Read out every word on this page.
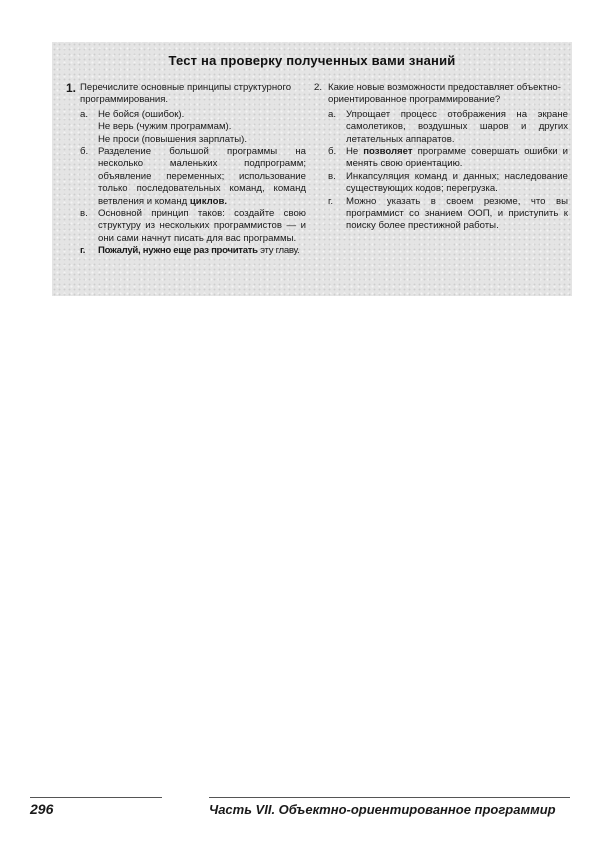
Тест на проверку полученных вами знаний
1. Перечислите основные принципы структурного программирования.
а. Не бойся (ошибок).
Не верь (чужим программам).
Не проси (повышения зарплаты).
б. Разделение большой программы на несколько маленьких подпрограмм; объявление переменных; использование только последовательных команд, команд ветвления и команд циклов.
в. Основной принцип таков: создайте свою структуру из нескольких программистов — и они сами начнут писать для вас программы.
г. Пожалуй, нужно еще раз прочитать эту главу.
2. Какие новые возможности предоставляет объектно-ориентированное программирование?
а. Упрощает процесс отображения на экране самолетиков, воздушных шаров и других летательных аппаратов.
б. Не позволяет программе совершать ошибки и менять свою ориентацию.
в. Инкапсуляция команд и данных; наследование существующих кодов; перегрузка.
г. Можно указать в своем резюме, что вы программист со знанием ООП, и приступить к поиску более престижной работы.
296	Часть VII. Объектно-ориентированное программир
